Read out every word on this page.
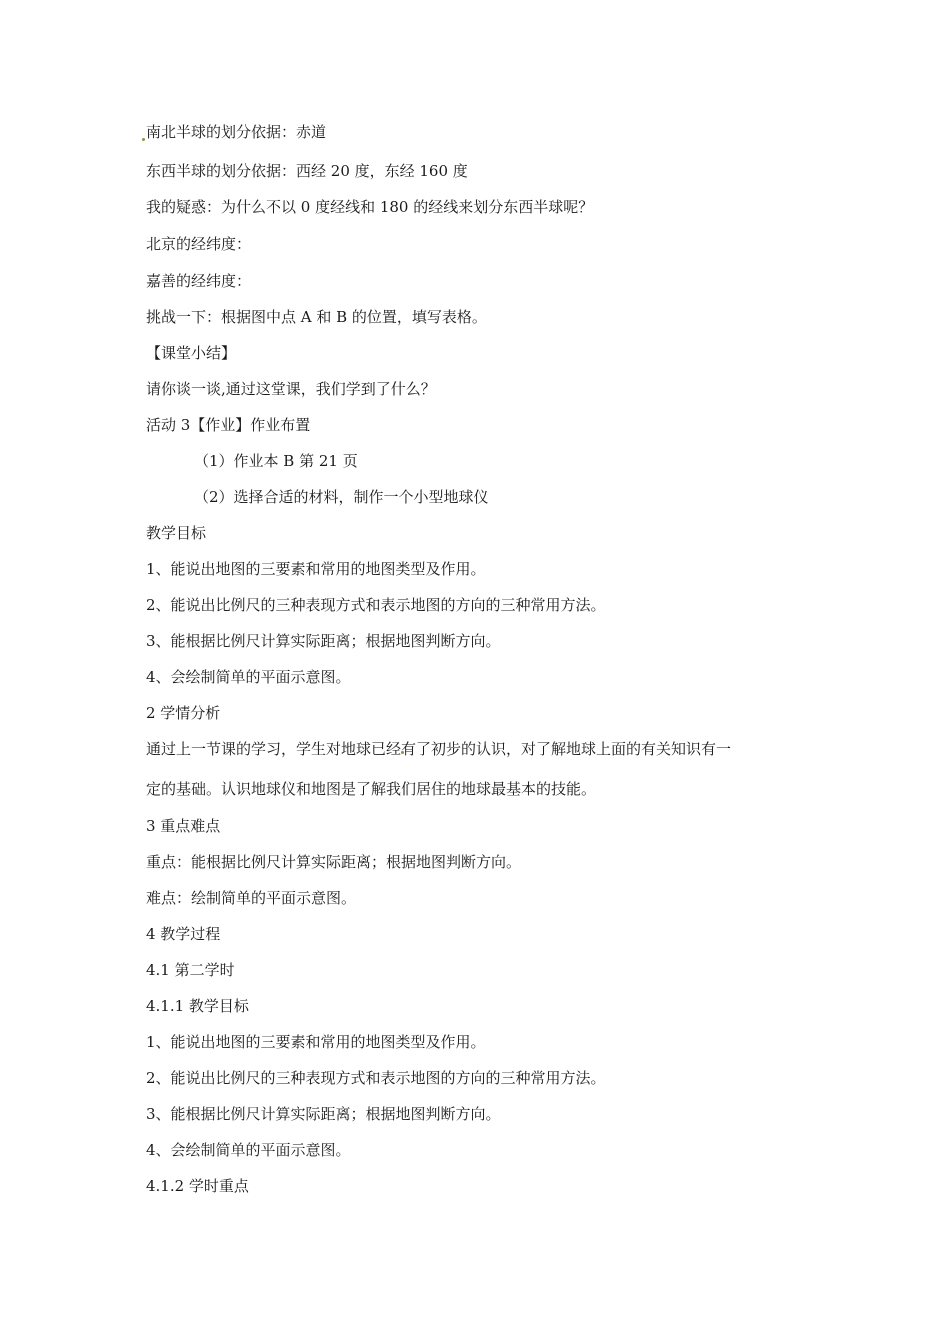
南北半球的划分依据：赤道
东西半球的划分依据：西经 20 度，东经 160 度
我的疑惑：为什么不以 0 度经线和 180 的经线来划分东西半球呢？
北京的经纬度：
嘉善的经纬度：
挑战一下：根据图中点 A 和 B 的位置，填写表格。
【课堂小结】
请你谈一谈,通过这堂课，我们学到了什么？
活动 3【作业】作业布置
（1）作业本 B 第 21 页
（2）选择合适的材料，制作一个小型地球仪
教学目标
1、能说出地图的三要素和常用的地图类型及作用。
2、能说出比例尺的三种表现方式和表示地图的方向的三种常用方法。
3、能根据比例尺计算实际距离；根据地图判断方向。
4、会绘制简单的平面示意图。
2 学情分析
通过上一节课的学习，学生对地球已经有了初步的认识，对了解地球上面的有关知识有一
定的基础。认识地球仪和地图是了解我们居住的地球最基本的技能。
3 重点难点
重点：能根据比例尺计算实际距离；根据地图判断方向。
难点：绘制简单的平面示意图。
4 教学过程
4.1 第二学时
4.1.1 教学目标
1、能说出地图的三要素和常用的地图类型及作用。
2、能说出比例尺的三种表现方式和表示地图的方向的三种常用方法。
3、能根据比例尺计算实际距离；根据地图判断方向。
4、会绘制简单的平面示意图。
4.1.2 学时重点
